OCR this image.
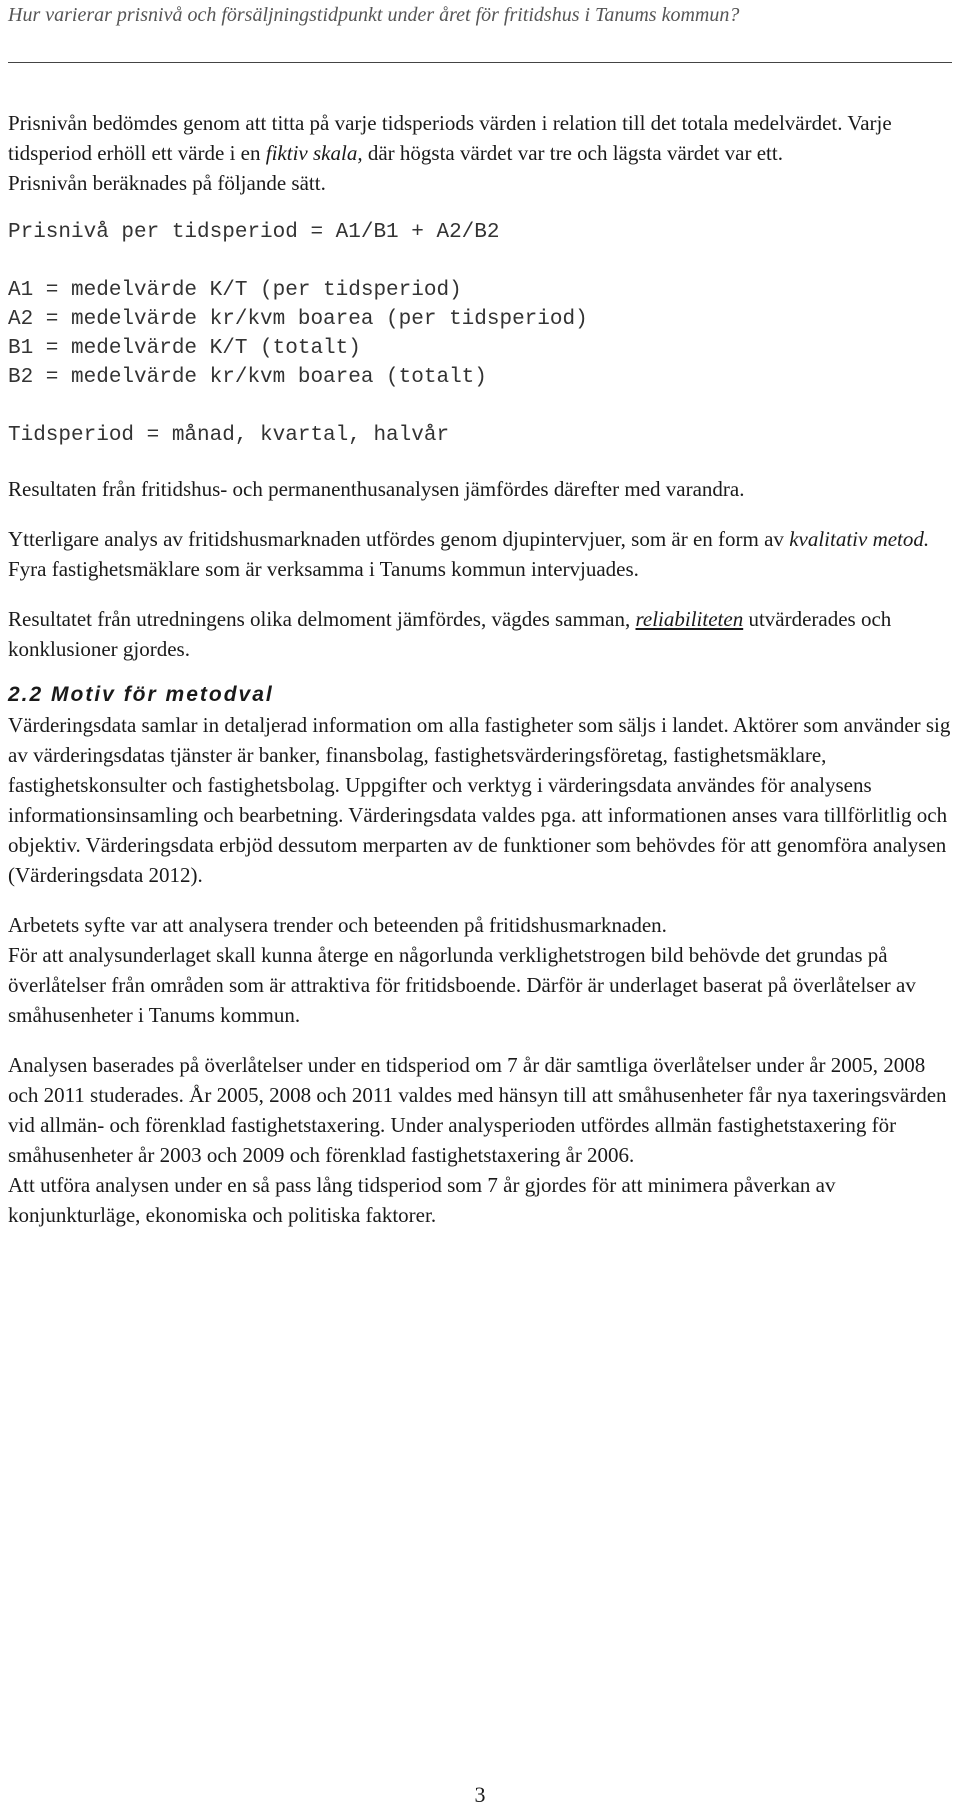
Hur varierar prisnivå och försäljningstidpunkt under året för fritidshus i Tanums kommun?

Prisnivån bedömdes genom att titta på varje tidsperiods värden i relation till det totala medelvärdet. Varje tidsperiod erhöll ett värde i en fiktiv skala, där högsta värdet var tre och lägsta värdet var ett.

Prisnivån beräknades på följande sätt.

Prisnivå per tidsperiod = A1/B1 + A2/B2

A1 = medelvärde K/T (per tidsperiod)

A2 = medelvärde kr/kvm boarea (per tidsperiod)

B1 = medelvärde K/T (totalt)

B2 = medelvärde kr/kvm boarea (totalt)

Tidsperiod = månad, kvartal, halvår

Resultaten från fritidshus- och permanenthusanalysen jämfördes därefter med varandra.

Ytterligare analys av fritidshusmarknaden utfördes genom djupintervjuer, som är en form av kvalitativ metod. Fyra fastighetsmäklare som är verksamma i Tanums kommun intervjuades.

Resultatet från utredningens olika delmoment jämfördes, vägdes samman, reliabiliteten utvärderades och konklusioner gjordes.

2.2 Motiv för metodval

Värderingsdata samlar in detaljerad information om alla fastigheter som säljs i landet. Aktörer som använder sig av värderingsdatas tjänster är banker, finansbolag, fastighetsvärderingsföretag, fastighetsmäklare, fastighetskonsulter och fastighetsbolag. Uppgifter och verktyg i värderingsdata användes för analysens informationsinsamling och bearbetning. Värderingsdata valdes pga. att informationen anses vara tillförlitlig och objektiv. Värderingsdata erbjöd dessutom merparten av de funktioner som behövdes för att genomföra analysen (Värderingsdata 2012).

Arbetets syfte var att analysera trender och beteenden på fritidshusmarknaden.

För att analysunderlaget skall kunna återge en någorlunda verklighetstrogen bild behövde det grundas på överlåtelser från områden som är attraktiva för fritidsboende. Därför är underlaget baserat på överlåtelser av småhusenheter i Tanums kommun.

Analysen baserades på överlåtelser under en tidsperiod om 7 år där samtliga överlåtelser under år 2005, 2008 och 2011 studerades. År 2005, 2008 och 2011 valdes med hänsyn till att småhusenheter får nya taxeringsvärden vid allmän- och förenklad fastighetstaxering. Under analysperioden utfördes allmän fastighetstaxering för småhusenheter år 2003 och 2009 och förenklad fastighetstaxering år 2006.

Att utföra analysen under en så pass lång tidsperiod som 7 år gjordes för att minimera påverkan av konjunkturläge, ekonomiska och politiska faktorer.

3
